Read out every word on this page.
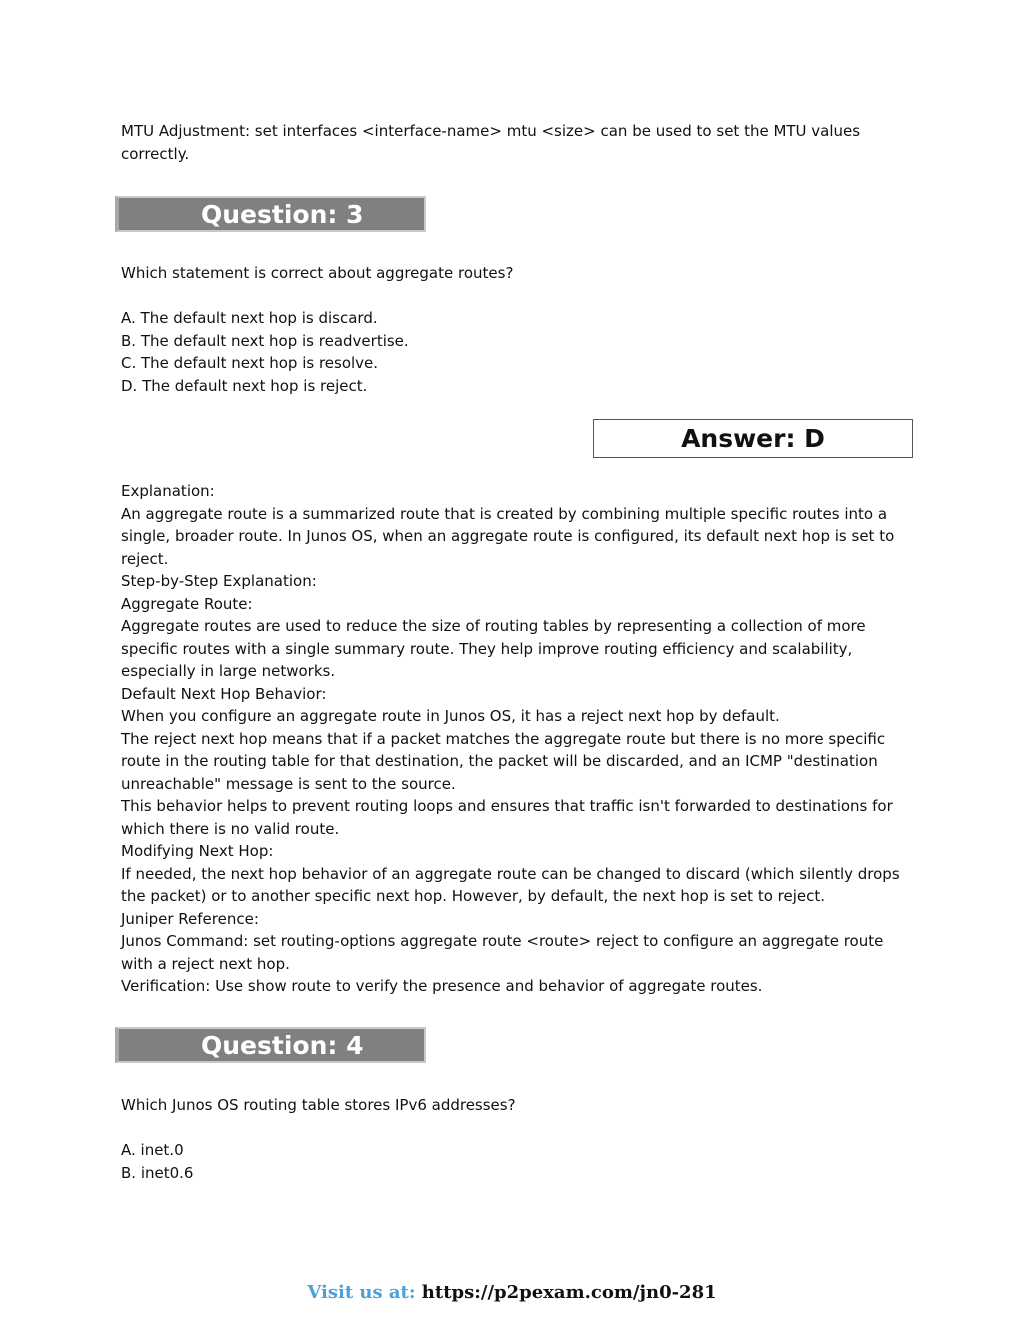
MTU Adjustment: set interfaces <interface-name> mtu <size> can be used to set the MTU values
correctly.
Question: 3
Which statement is correct about aggregate routes?
A. The default next hop is discard.
B. The default next hop is readvertise.
C. The default next hop is resolve.
D. The default next hop is reject.
Answer: D
Explanation:
An aggregate route is a summarized route that is created by combining multiple specific routes into a
single, broader route. In Junos OS, when an aggregate route is configured, its default next hop is set to
reject.
Step-by-Step Explanation:
Aggregate Route:
Aggregate routes are used to reduce the size of routing tables by representing a collection of more
specific routes with a single summary route. They help improve routing efficiency and scalability,
especially in large networks.
Default Next Hop Behavior:
When you configure an aggregate route in Junos OS, it has a reject next hop by default.
The reject next hop means that if a packet matches the aggregate route but there is no more specific
route in the routing table for that destination, the packet will be discarded, and an ICMP "destination
unreachable" message is sent to the source.
This behavior helps to prevent routing loops and ensures that traffic isn't forwarded to destinations for
which there is no valid route.
Modifying Next Hop:
If needed, the next hop behavior of an aggregate route can be changed to discard (which silently drops
the packet) or to another specific next hop. However, by default, the next hop is set to reject.
Juniper Reference:
Junos Command: set routing-options aggregate route <route> reject to configure an aggregate route
with a reject next hop.
Verification: Use show route to verify the presence and behavior of aggregate routes.
Question: 4
Which Junos OS routing table stores IPv6 addresses?
A. inet.0
B. inet0.6
Visit us at: https://p2pexam.com/jn0-281
